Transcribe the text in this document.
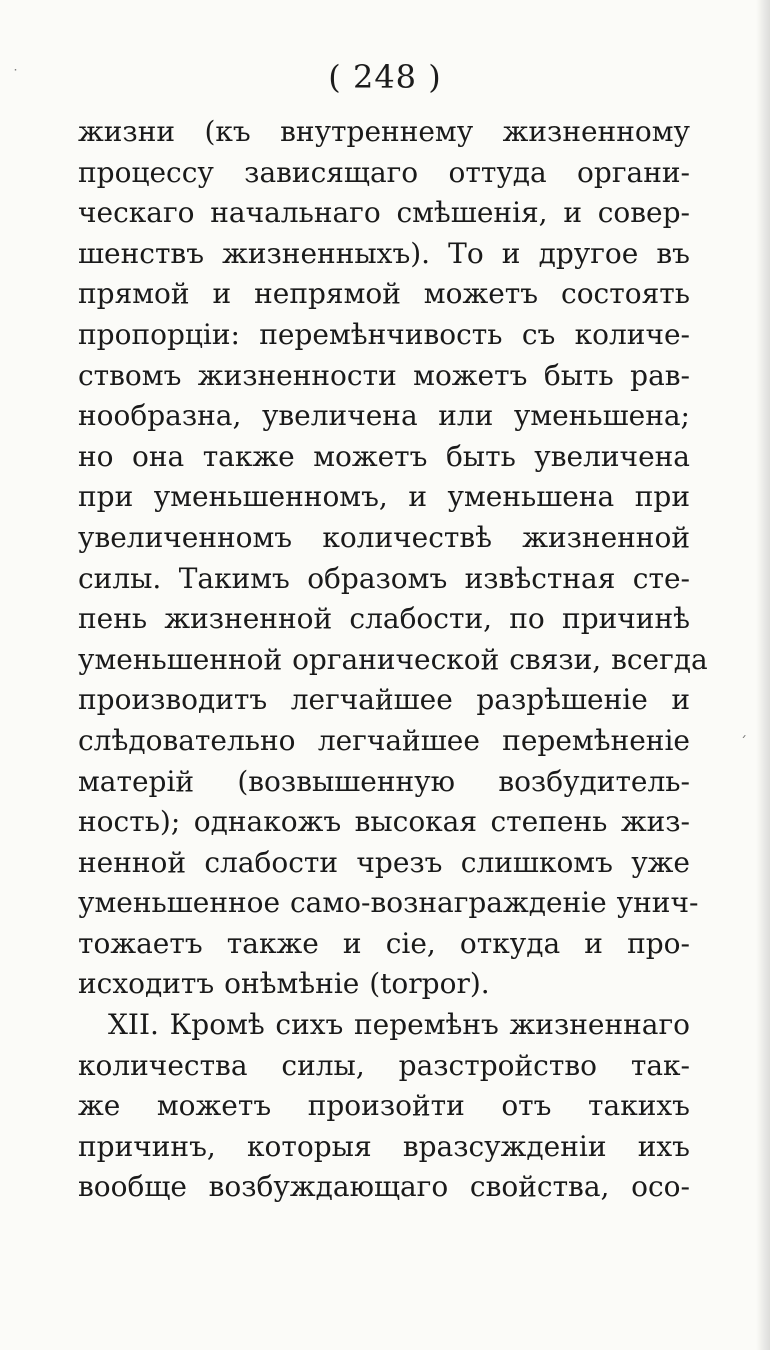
˙
ˊ
( 248 )
жизни (къ внутреннему жизненному
процессу зависящаго оттуда органи-
ческаго начальнаго смѣшенія, и совер-
шенствъ жизненныхъ). То и другое въ
прямой и непрямой можетъ состоять
пропорціи: перемѣнчивость съ количе-
ствомъ жизненности можетъ быть рав-
нообразна, увеличена или уменьшена;
но она также можетъ быть увеличена
при уменьшенномъ, и уменьшена при
увеличенномъ количествѣ жизненной
силы. Такимъ образомъ извѣстная сте-
пень жизненной слабости, по причинѣ
уменьшенной органической связи, всегда
производитъ легчайшее разрѣшеніе и
слѣдовательно легчайшее перемѣненіе
матерій (возвышенную возбудитель-
ность); однакожъ высокая степень жиз-
ненной слабости чрезъ слишкомъ уже
уменьшенное само-вознагражденіе унич-
тожаетъ также и сіе, откуда и про-
исходитъ онѣмѣніе (torpor).
XII. Кромѣ сихъ перемѣнъ жизненнаго
количества силы, разстройство так-
же можетъ произойти отъ такихъ
причинъ, которыя вразсужденіи ихъ
вообще возбуждающаго свойства, осо-
